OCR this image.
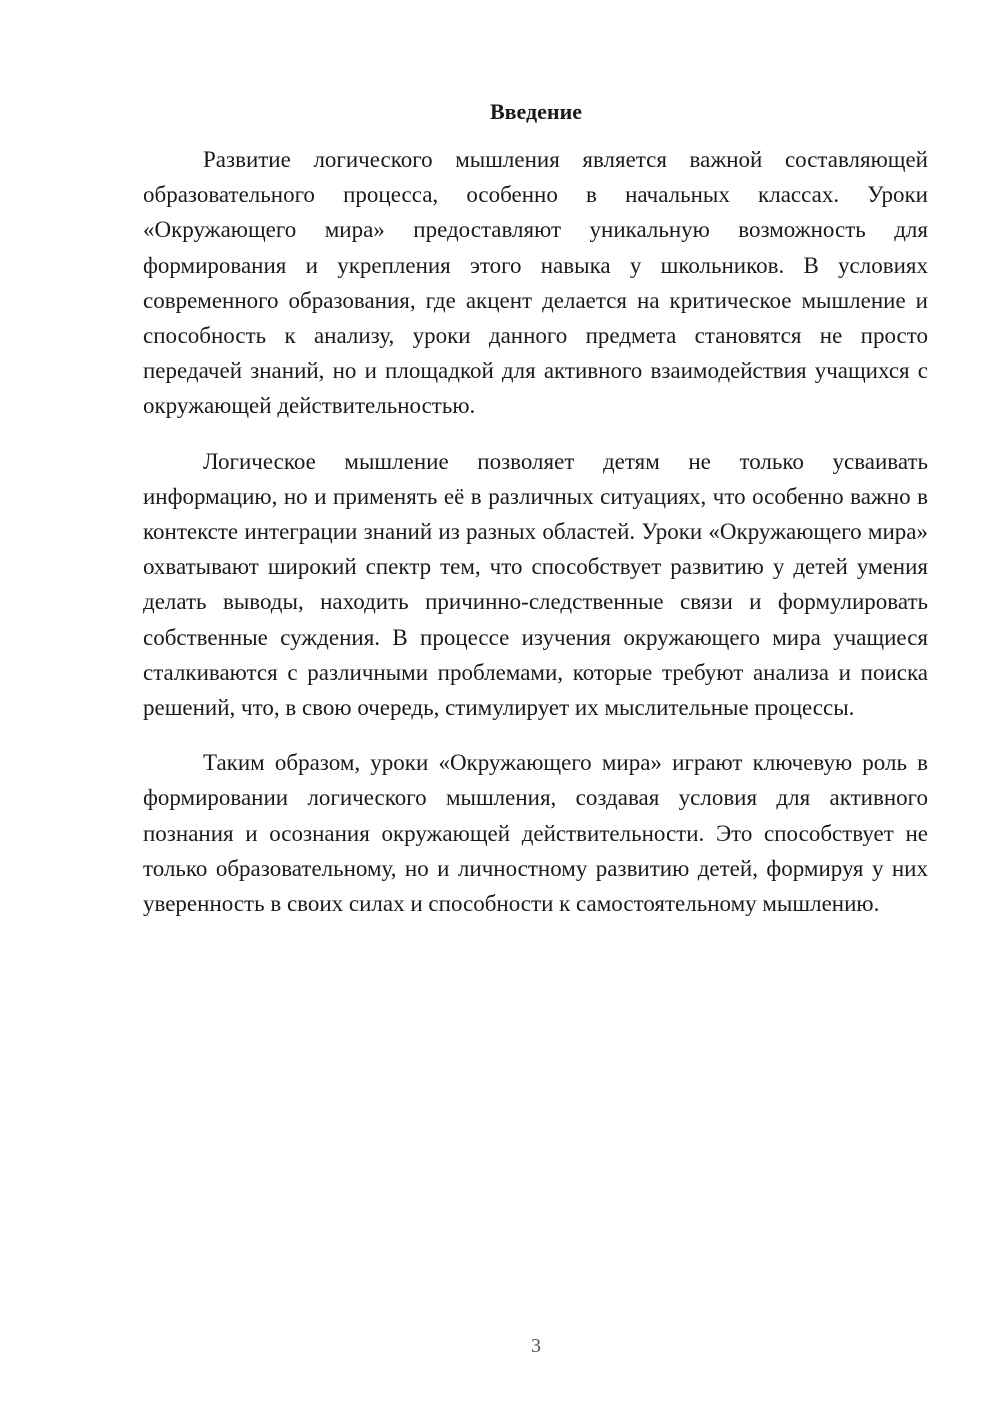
Введение

Развитие логического мышления является важной составляющей образовательного процесса, особенно в начальных классах. Уроки «Окружающего мира» предоставляют уникальную возможность для формирования и укрепления этого навыка у школьников. В условиях современного образования, где акцент делается на критическое мышление и способность к анализу, уроки данного предмета становятся не просто передачей знаний, но и площадкой для активного взаимодействия учащихся с окружающей действительностью.

Логическое мышление позволяет детям не только усваивать информацию, но и применять её в различных ситуациях, что особенно важно в контексте интеграции знаний из разных областей. Уроки «Окружающего мира» охватывают широкий спектр тем, что способствует развитию у детей умения делать выводы, находить причинно-следственные связи и формулировать собственные суждения. В процессе изучения окружающего мира учащиеся сталкиваются с различными проблемами, которые требуют анализа и поиска решений, что, в свою очередь, стимулирует их мыслительные процессы.

Таким образом, уроки «Окружающего мира» играют ключевую роль в формировании логического мышления, создавая условия для активного познания и осознания окружающей действительности. Это способствует не только образовательному, но и личностному развитию детей, формируя у них уверенность в своих силах и способности к самостоятельному мышлению.

3
